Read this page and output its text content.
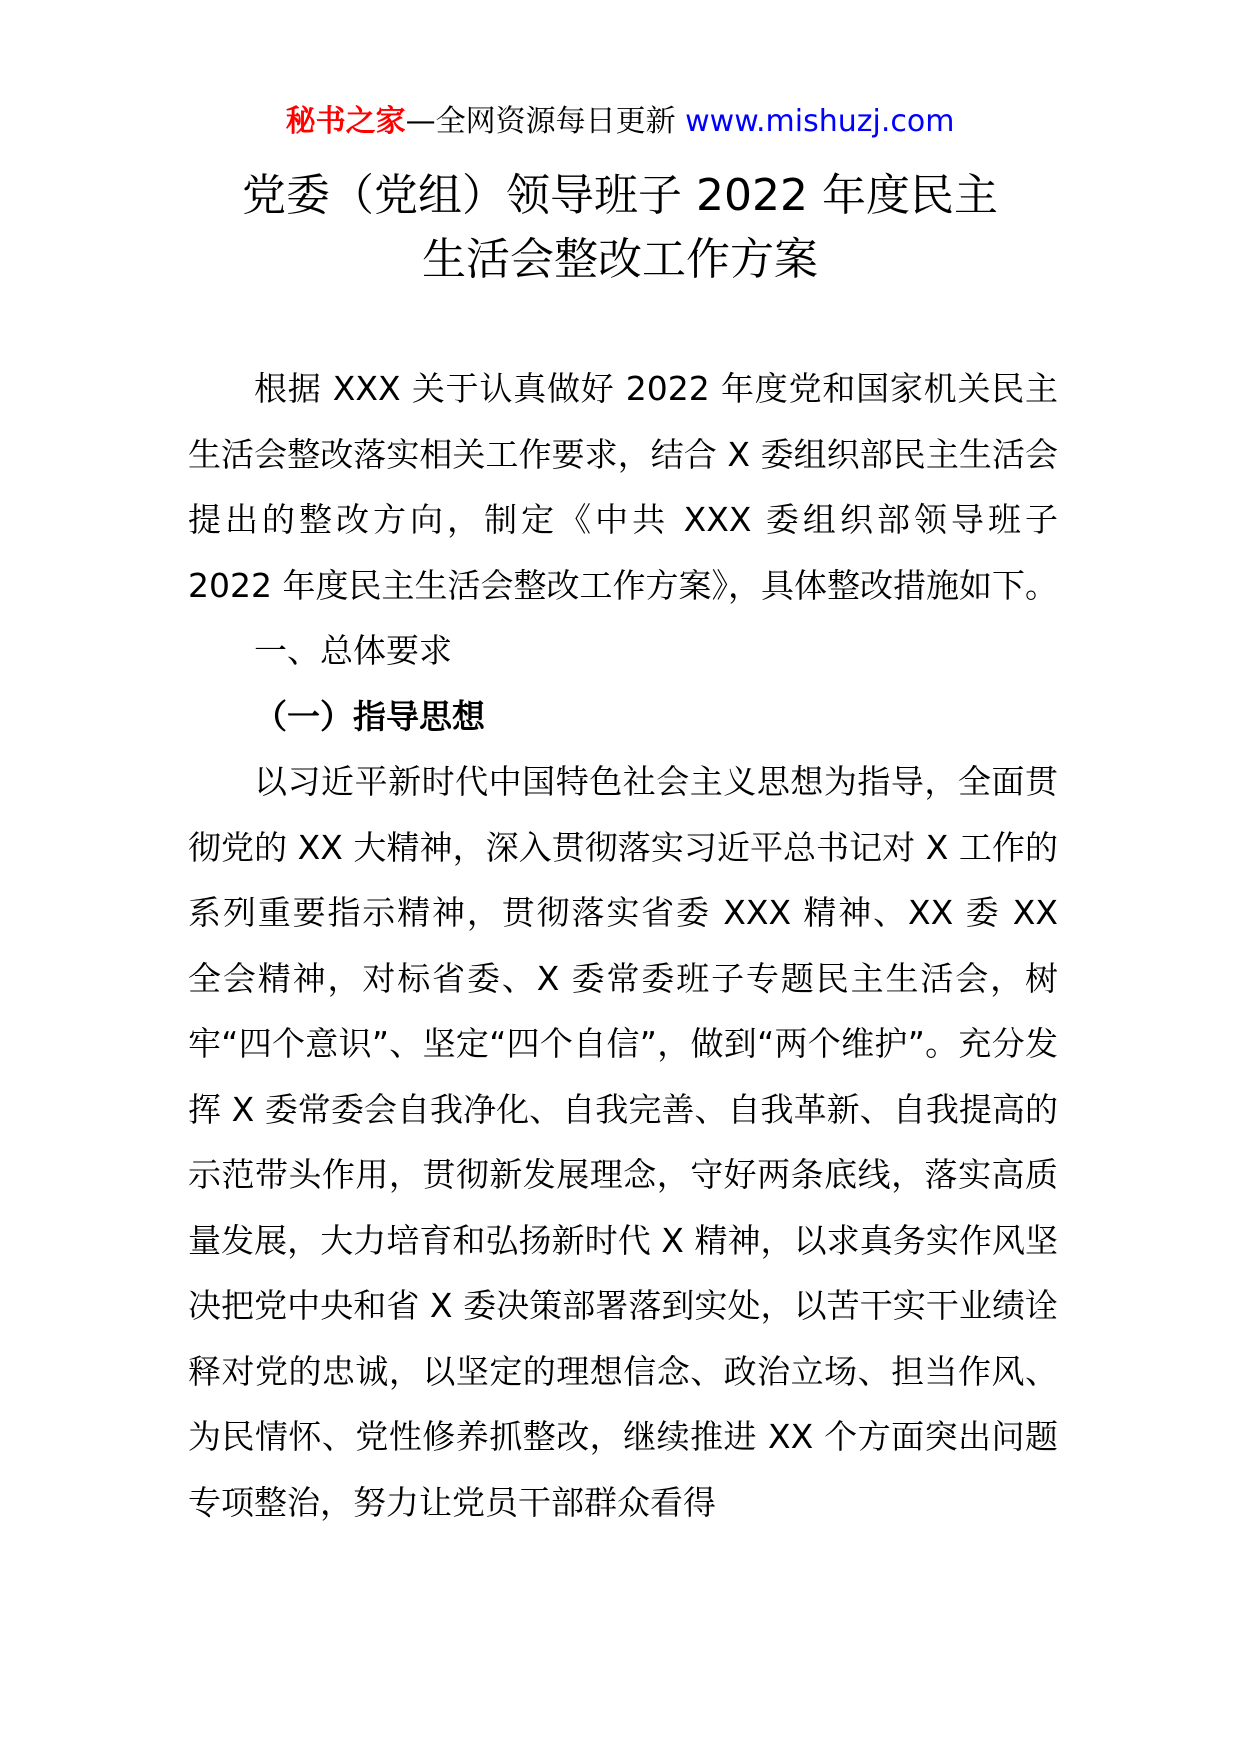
秘书之家—全网资源每日更新 www.mishuzj.com
党委（党组）领导班子 2022 年度民主
生活会整改工作方案

根据 XXX 关于认真做好 2022 年度党和国家机关民主生活会整改落实相关工作要求，结合 X 委组织部民主生活会提出的整改方向，制定《中共 XXX 委组织部领导班子 2022 年度民主生活会整改工作方案》，具体整改措施如下。

一、总体要求

（一）指导思想

以习近平新时代中国特色社会主义思想为指导，全面贯彻党的 XX 大精神，深入贯彻落实习近平总书记对 X 工作的系列重要指示精神，贯彻落实省委 XXX 精神、XX 委 XX 全会精神，对标省委、X 委常委班子专题民主生活会，树牢“四个意识”、坚定“四个自信”，做到“两个维护”。充分发挥 X 委常委会自我净化、自我完善、自我革新、自我提高的示范带头作用，贯彻新发展理念，守好两条底线，落实高质量发展，大力培育和弘扬新时代 X 精神，以求真务实作风坚决把党中央和省 X 委决策部署落到实处，以苦干实干业绩诠释对党的忠诚，以坚定的理想信念、政治立场、担当作风、为民情怀、党性修养抓整改，继续推进 XX 个方面突出问题专项整治，努力让党员干部群众看得
